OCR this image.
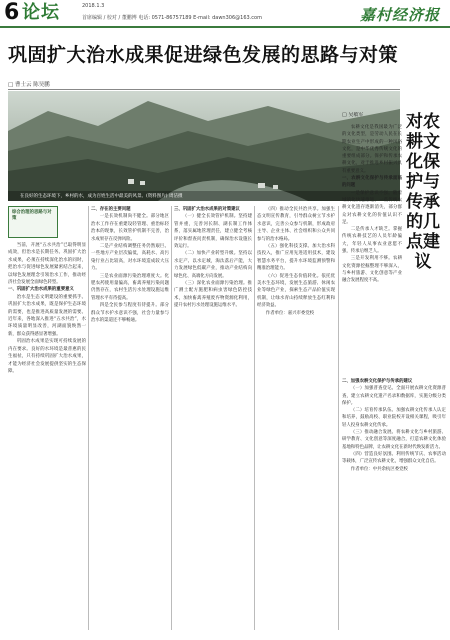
6 论坛	2018.1.3
首席编辑 / 校对 / 董鹏博 电话: 0571-86757189 E-mail: dawn306@163.com	嘉村经济报
巩固扩大治水成果促进绿色发展的思路与对策
□ 曹士云 陈昊鹏
在良好的生态环境下，乡村的水，成为百姓生活中最美的风景。(资料图片) 周洁摄
综合治理的思路与对策

当前，开展“五水共治”已取得明显成效，但治水是长期任务。巩固扩大治水成果，必须在持续深化治水的同时，把治水与促进绿色发展紧密结合起来，以绿色发展理念引领治水工作，推动经济社会发展全面绿色转型。

一、巩固扩大治水成果的重要意义

治水是生态文明建设的重要抓手。巩固扩大治水成果，既是保护生态环境的需要，也是推进高质量发展的需要。近年来，各地深入推进“五水共治”，水环境质量明显改善，河湖面貌焕然一新，群众获得感显著增强。

巩固治水成果是实现可持续发展的内在要求。良好的水环境是最普惠的民生福祉，只有持续巩固扩大治水成果，才能为经济社会发展提供坚实的生态保障。

二、存在的主要问题

一是长效机制尚不健全。部分地区治水工作存在重建设轻管理、重治标轻治本的现象，长效管护机制不完善，治水成果存在反弹风险。

二是产业结构调整任务仍然艰巨。一些地方产业层次偏低，高耗水、高污染行业占比较高，对水环境造成较大压力。

三是农业面源污染治理难度大。化肥农药使用量偏高，畜禽养殖污染问题仍然存在，农村生活污水处理设施运维管理水平有待提高。

四是全民参与程度有待提升。部分群众节水护水意识不强，社会力量参与治水的渠道还不够畅通。

三、巩固扩大治水成果的对策建议

（一）健全长效管护机制。坚持建管并重，完善河长制、湖长制工作体系，落实属地管理责任，建立健全考核评价和督查问责机制，确保治水设施长效运行。

（二）加快产业转型升级。坚持以水定产、以水定城，淘汰落后产能，大力发展绿色低碳产业，推动产业结构向绿色化、高端化方向发展。

（三）深化农业面源污染治理。推广测土配方施肥和病虫害绿色防控技术，加快畜禽养殖废弃物资源化利用，提升农村污水处理设施运维水平。

（四）推动全民共治共享。加强生态文明宣传教育，引导群众树立节水护水意识，完善公众参与机制，形成政府主导、企业主体、社会组织和公众共同参与的治水格局。

（五）强化科技支撑。加大治水科技投入，推广应用先进适用技术，建设智慧水务平台，提升水环境监测预警和精准治理能力。

（六）促进生态价值转化。依托优美水生态环境，发展生态旅游、休闲农业等绿色产业，探索生态产品价值实现机制，让绿水青山持续释放生态红利和经济效益。

作者单位：嘉兴市委党校

对农耕文化保护与传承的几点建议
□ 吴敏军

农耕文化是我国最为广泛的文化类型，是劳动人民在长期农业生产中形成的一种风俗文化，是中华优秀传统文化的重要组成部分。保护和传承农耕文化，对于推进乡村振兴具有重要意义。

一、农耕文化保护与传承面临的问题

一是保护意识不强。随着城镇化快速推进，一些传统农耕文化遗存逐渐消失，部分群众对农耕文化的价值认识不足。

二是传承人才缺乏。掌握传统农耕技艺的人员年龄偏大，年轻人从事农业意愿不强，传承后继乏人。

三是开发利用不够。农耕文化资源挖掘整理不够深入，与乡村旅游、文化创意等产业融合发展程度不高。

二、加强农耕文化保护与传承的建议

（一）加强普查登记。全面开展农耕文化资源普查，建立农耕文化遗产名录和数据库，实施分级分类保护。

（二）培育传承队伍。加强农耕文化传承人认定和培养，鼓励高校、职业院校开设相关课程，吸引年轻人投身农耕文化传承。

（三）推动融合发展。将农耕文化与乡村旅游、研学教育、文化创意等深度融合，打造农耕文化体验基地和特色品牌，让农耕文化在新时代焕发新活力。

（四）营造良好氛围。利用传统节庆、农事活动等载体，广泛宣传农耕文化，增强群众文化自信。

作者单位：中共余杭区委党校
